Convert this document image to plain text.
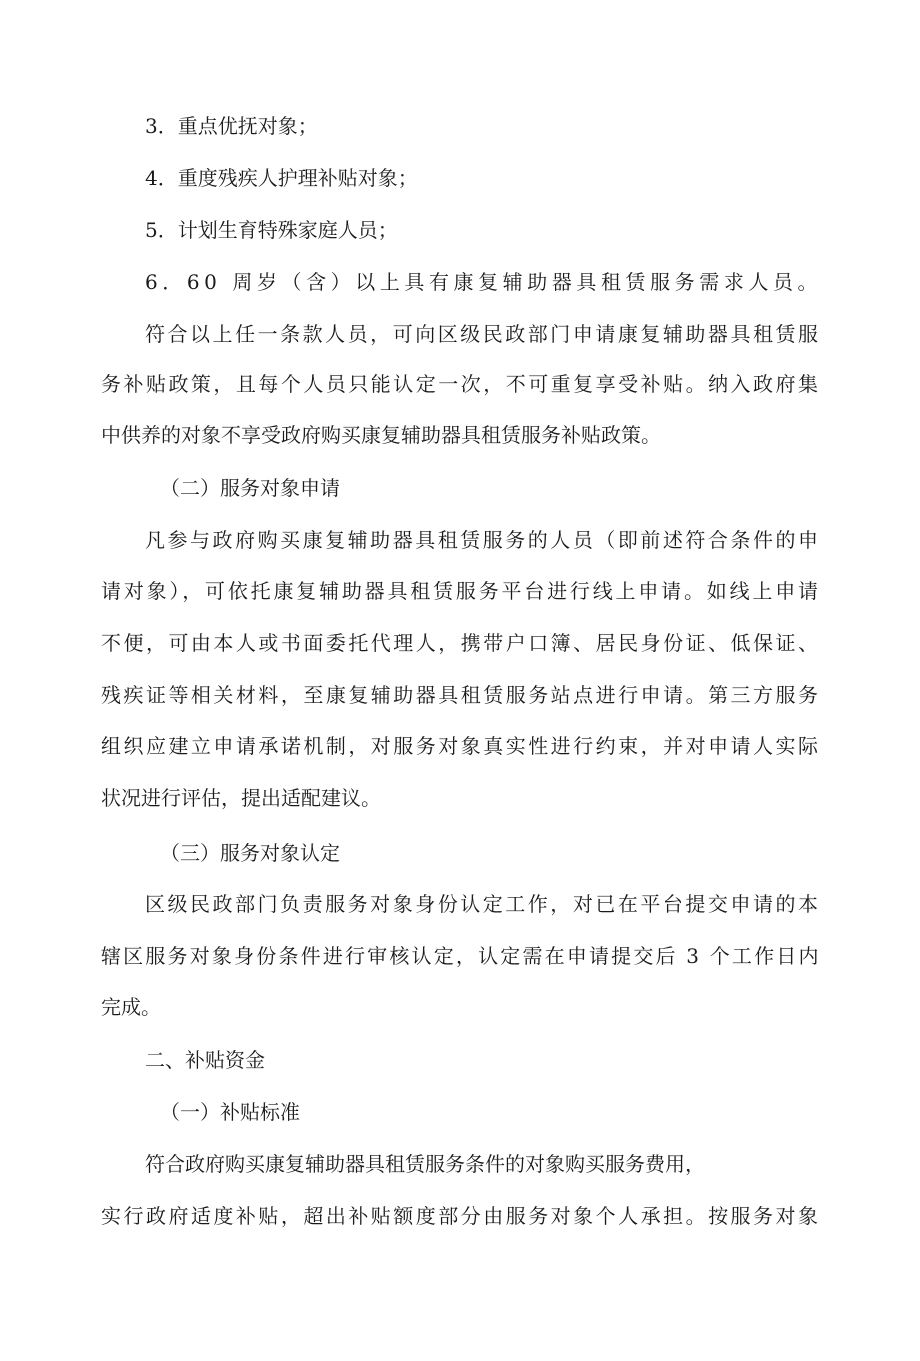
3．重点优抚对象；
4．重度残疾人护理补贴对象；
5．计划生育特殊家庭人员；
6．60 周岁（含）以上具有康复辅助器具租赁服务需求人员。
符合以上任一条款人员，可向区级民政部门申请康复辅助器具租赁服
务补贴政策，且每个人员只能认定一次，不可重复享受补贴。纳入政府集
中供养的对象不享受政府购买康复辅助器具租赁服务补贴政策。
（二）服务对象申请
凡参与政府购买康复辅助器具租赁服务的人员（即前述符合条件的申
请对象），可依托康复辅助器具租赁服务平台进行线上申请。如线上申请
不便，可由本人或书面委托代理人，携带户口簿、居民身份证、低保证、
残疾证等相关材料，至康复辅助器具租赁服务站点进行申请。第三方服务
组织应建立申请承诺机制，对服务对象真实性进行约束，并对申请人实际
状况进行评估，提出适配建议。
（三）服务对象认定
区级民政部门负责服务对象身份认定工作，对已在平台提交申请的本
辖区服务对象身份条件进行审核认定，认定需在申请提交后 3 个工作日内
完成。
二、补贴资金
（一）补贴标准
符合政府购买康复辅助器具租赁服务条件的对象购买服务费用，
实行政府适度补贴，超出补贴额度部分由服务对象个人承担。按服务对象
